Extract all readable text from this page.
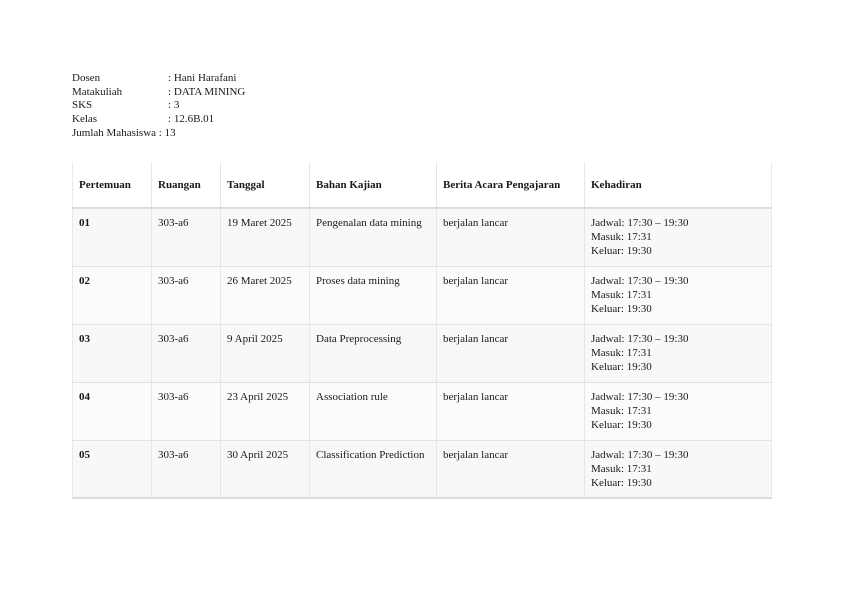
Dosen	: Hani Harafani
Matakuliah	: DATA MINING
SKS	: 3
Kelas	: 12.6B.01
Jumlah Mahasiswa
: 13
Pertemuan	Ruangan	Tanggal	Bahan Kajian	Berita Acara Pengajaran	Kehadiran
01	303-a6	19 Maret 2025	Pengenalan data mining	berjalan lancar	Jadwal: 17:30 – 19:30
Masuk: 17:31
Keluar: 19:30

02	303-a6	26 Maret 2025	Proses data mining	berjalan lancar	Jadwal: 17:30 – 19:30
Masuk: 17:31
Keluar: 19:30

03	303-a6	9 April 2025	Data Preprocessing	berjalan lancar	Jadwal: 17:30 – 19:30
Masuk: 17:31
Keluar: 19:30

04	303-a6	23 April 2025	Association rule	berjalan lancar	Jadwal: 17:30 – 19:30
Masuk: 17:31
Keluar: 19:30

05	303-a6	30 April 2025	Classification Prediction	berjalan lancar	Jadwal: 17:30 – 19:30
Masuk: 17:31
Keluar: 19:30
